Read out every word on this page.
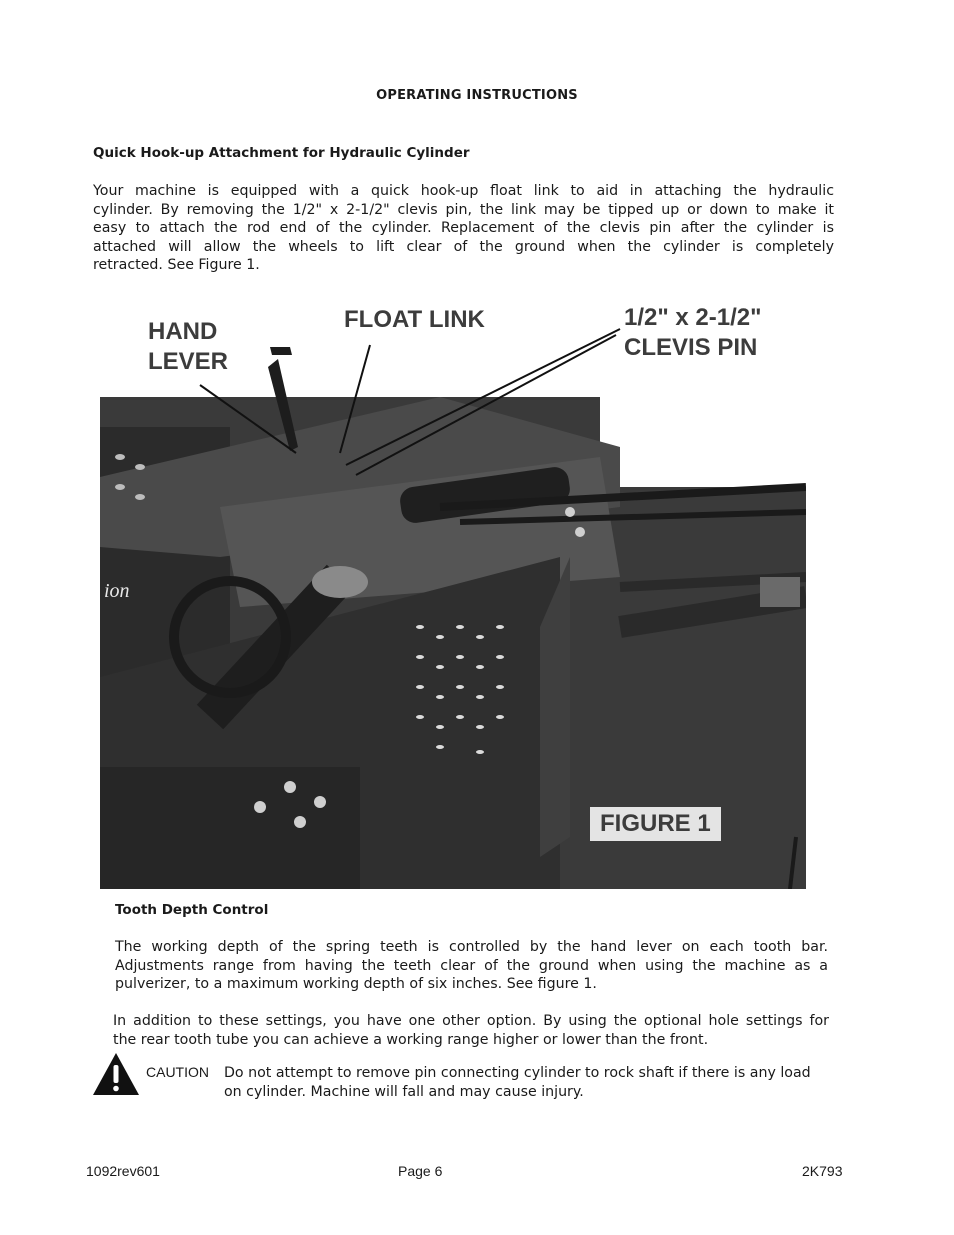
OPERATING INSTRUCTIONS
Quick Hook-up Attachment for Hydraulic Cylinder
Your machine is equipped with a quick hook-up float link to aid in attaching the hydraulic
cylinder. By removing the 1/2" x 2-1/2" clevis pin, the link may be tipped up or down to make it
easy to attach the rod end of the cylinder. Replacement of the clevis pin after the cylinder is
attached will allow the wheels to lift clear of the ground when the cylinder is completely
retracted. See Figure 1.
ion
HAND
LEVER
FLOAT LINK	1/2" x 2-1/2"
CLEVIS PIN
FIGURE 1
Tooth Depth Control
The working depth of the spring teeth is controlled by the hand lever on each tooth bar.
Adjustments range from having the teeth clear of the ground when using the machine as a
pulverizer, to a maximum working depth of six inches. See figure 1.
In addition to these settings, you have one other option. By using the optional hole settings for
the rear tooth tube you can achieve a working range higher or lower than the front.
CAUTION Do not attempt to remove pin connecting cylinder to rock shaft if there is any load
on cylinder. Machine will fall and may cause injury.
1092rev601	Page 6	2K793
